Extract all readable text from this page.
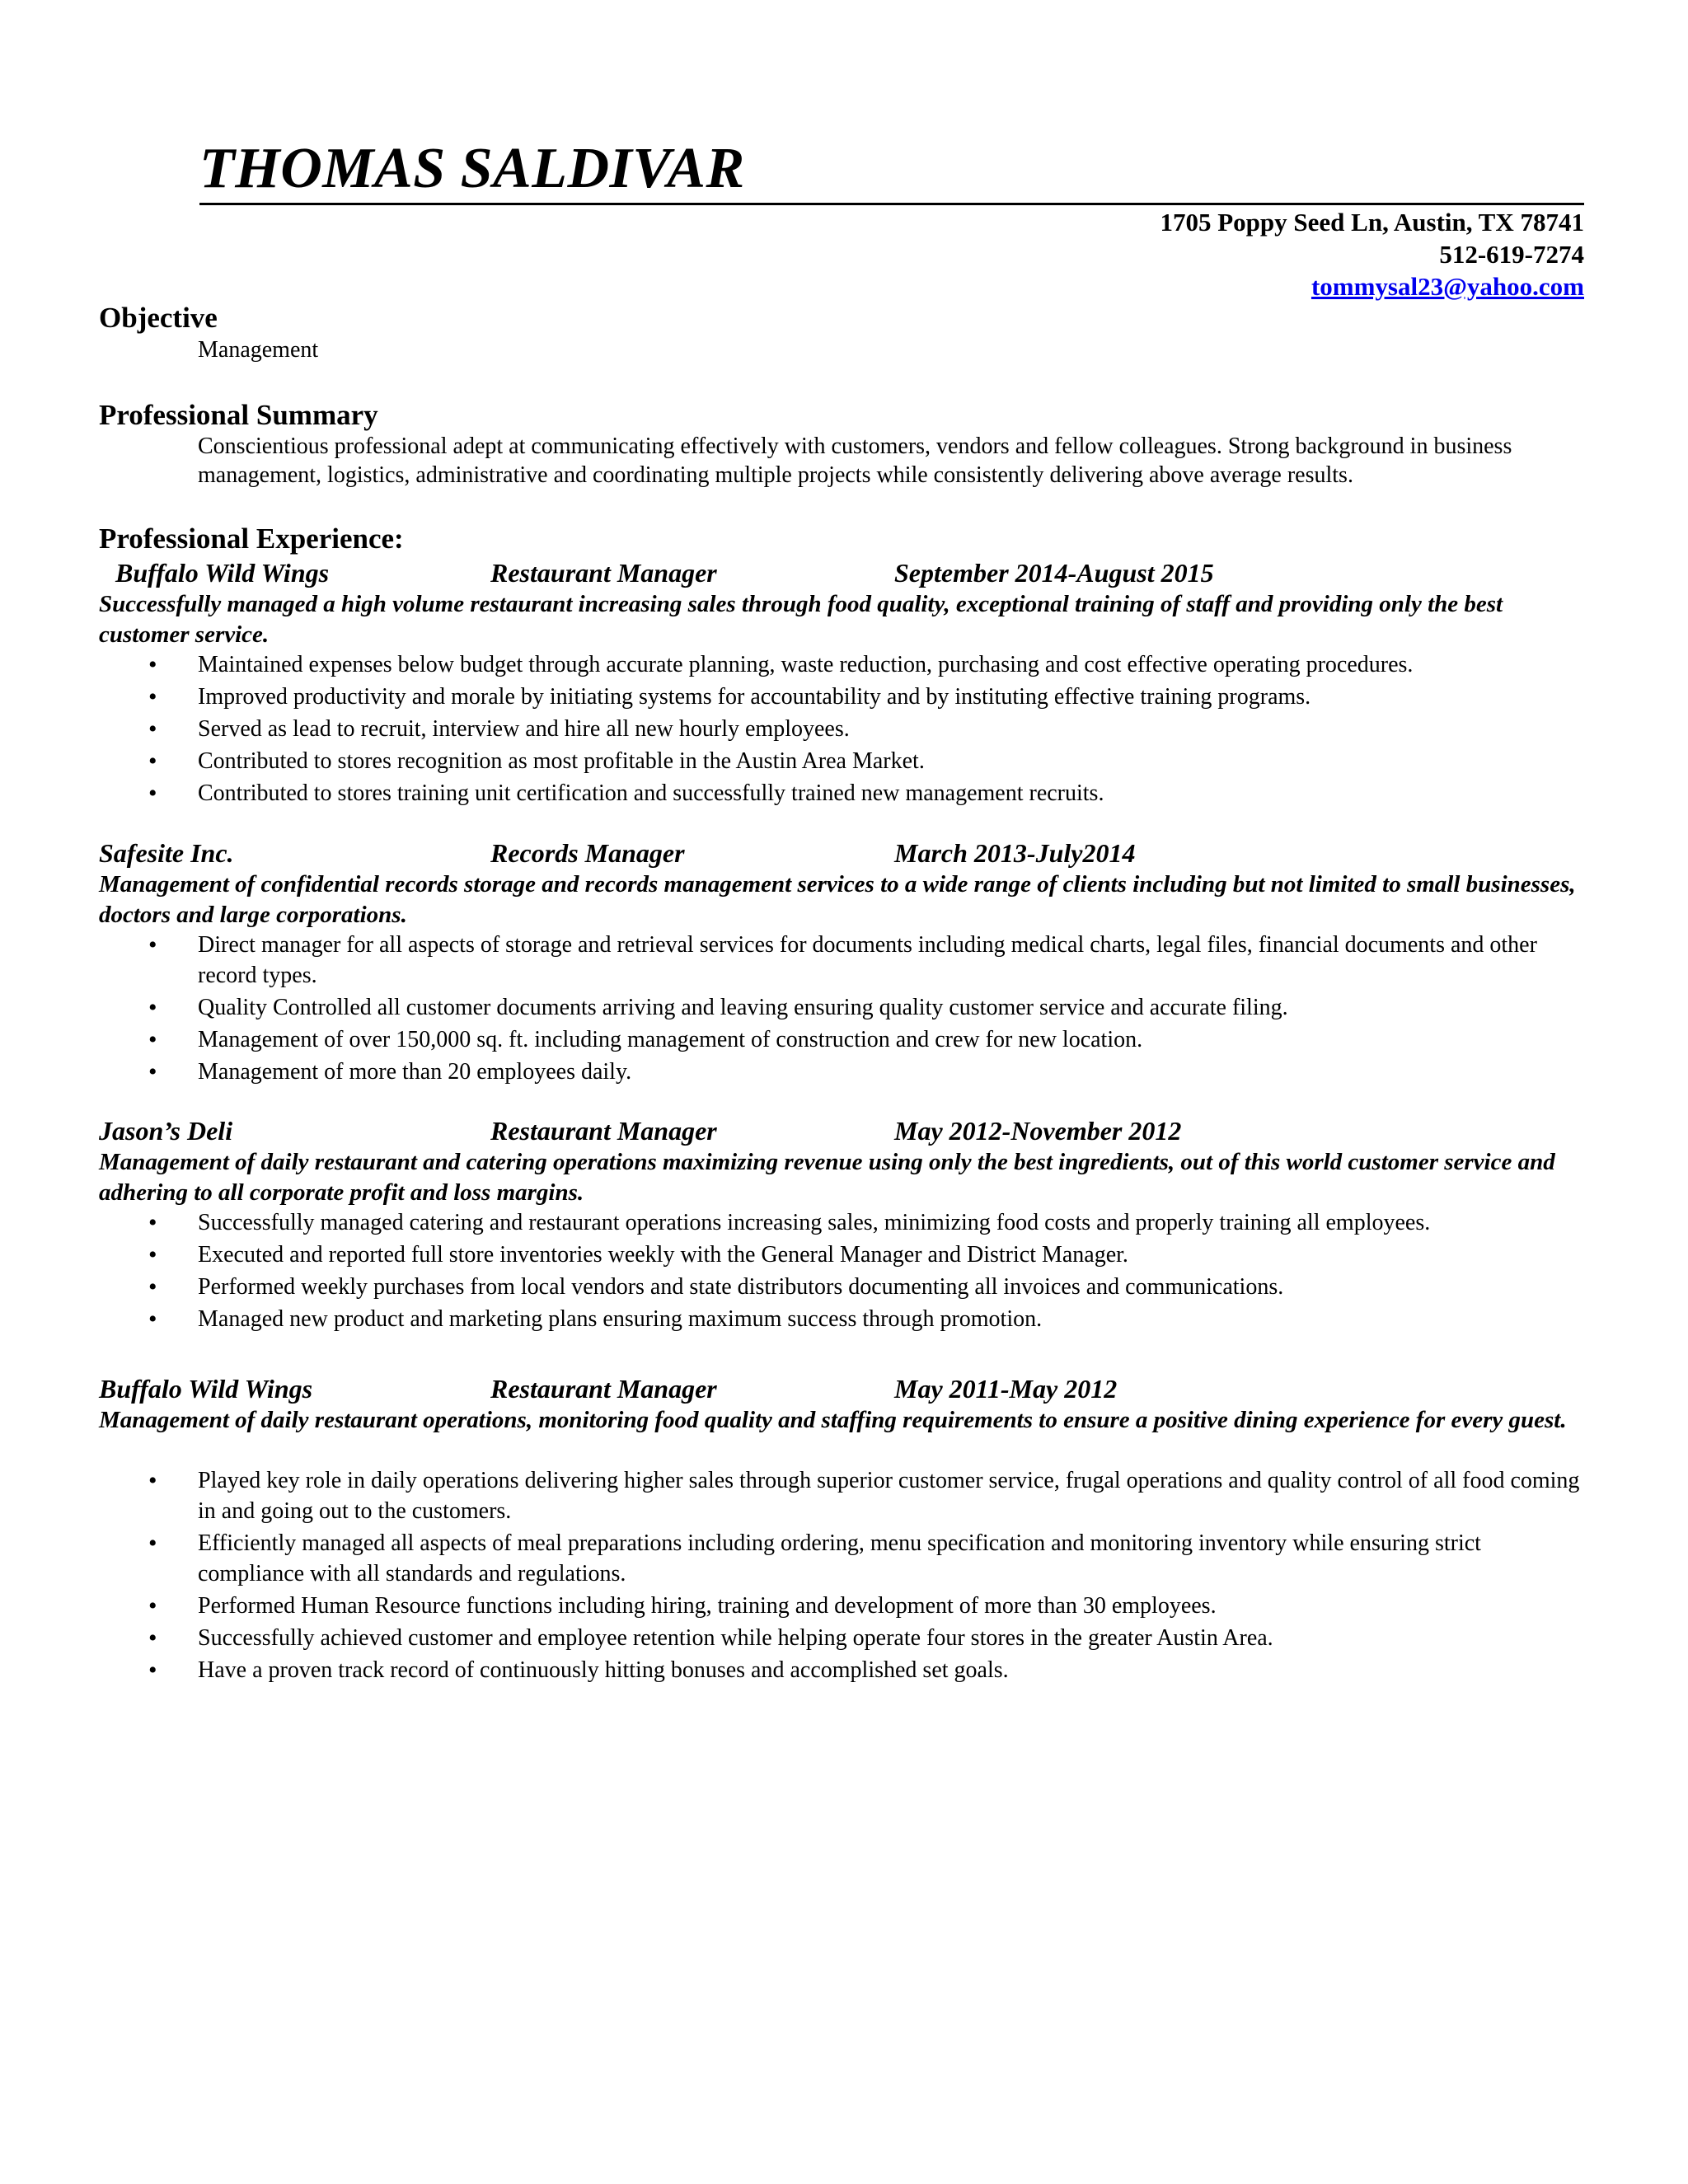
THOMAS SALDIVAR
1705 Poppy Seed Ln, Austin, TX 78741
512-619-7274
tommysal23@yahoo.com
Objective
Management
Professional Summary
Conscientious professional adept at communicating effectively with customers, vendors and fellow colleagues. Strong background in business management, logistics, administrative and coordinating multiple projects while consistently delivering above average results.
Professional Experience:
Buffalo Wild Wings	Restaurant Manager	September 2014-August 2015
Successfully managed a high volume restaurant increasing sales through food quality, exceptional training of staff and providing only the best customer service.
• Maintained expenses below budget through accurate planning, waste reduction, purchasing and cost effective operating procedures.
• Improved productivity and morale by initiating systems for accountability and by instituting effective training programs.
• Served as lead to recruit, interview and hire all new hourly employees.
• Contributed to stores recognition as most profitable in the Austin Area Market.
• Contributed to stores training unit certification and successfully trained new management recruits.
Safesite Inc.	Records Manager	March 2013-July2014
Management of confidential records storage and records management services to a wide range of clients including but not limited to small businesses, doctors and large corporations.
• Direct manager for all aspects of storage and retrieval services for documents including medical charts, legal files, financial documents and other record types.
• Quality Controlled all customer documents arriving and leaving ensuring quality customer service and accurate filing.
• Management of over 150,000 sq. ft. including management of construction and crew for new location.
• Management of more than 20 employees daily.
Jason’s Deli	Restaurant Manager	May 2012-November 2012
Management of daily restaurant and catering operations maximizing revenue using only the best ingredients, out of this world customer service and adhering to all corporate profit and loss margins.
• Successfully managed catering and restaurant operations increasing sales, minimizing food costs and properly training all employees.
• Executed and reported full store inventories weekly with the General Manager and District Manager.
• Performed weekly purchases from local vendors and state distributors documenting all invoices and communications.
• Managed new product and marketing plans ensuring maximum success through promotion.
Buffalo Wild Wings	Restaurant Manager	May 2011-May 2012
Management of daily restaurant operations, monitoring food quality and staffing requirements to ensure a positive dining experience for every guest.
• Played key role in daily operations delivering higher sales through superior customer service, frugal operations and quality control of all food coming in and going out to the customers.
• Efficiently managed all aspects of meal preparations including ordering, menu specification and monitoring inventory while ensuring strict compliance with all standards and regulations.
• Performed Human Resource functions including hiring, training and development of more than 30 employees.
• Successfully achieved customer and employee retention while helping operate four stores in the greater Austin Area.
• Have a proven track record of continuously hitting bonuses and accomplished set goals.
